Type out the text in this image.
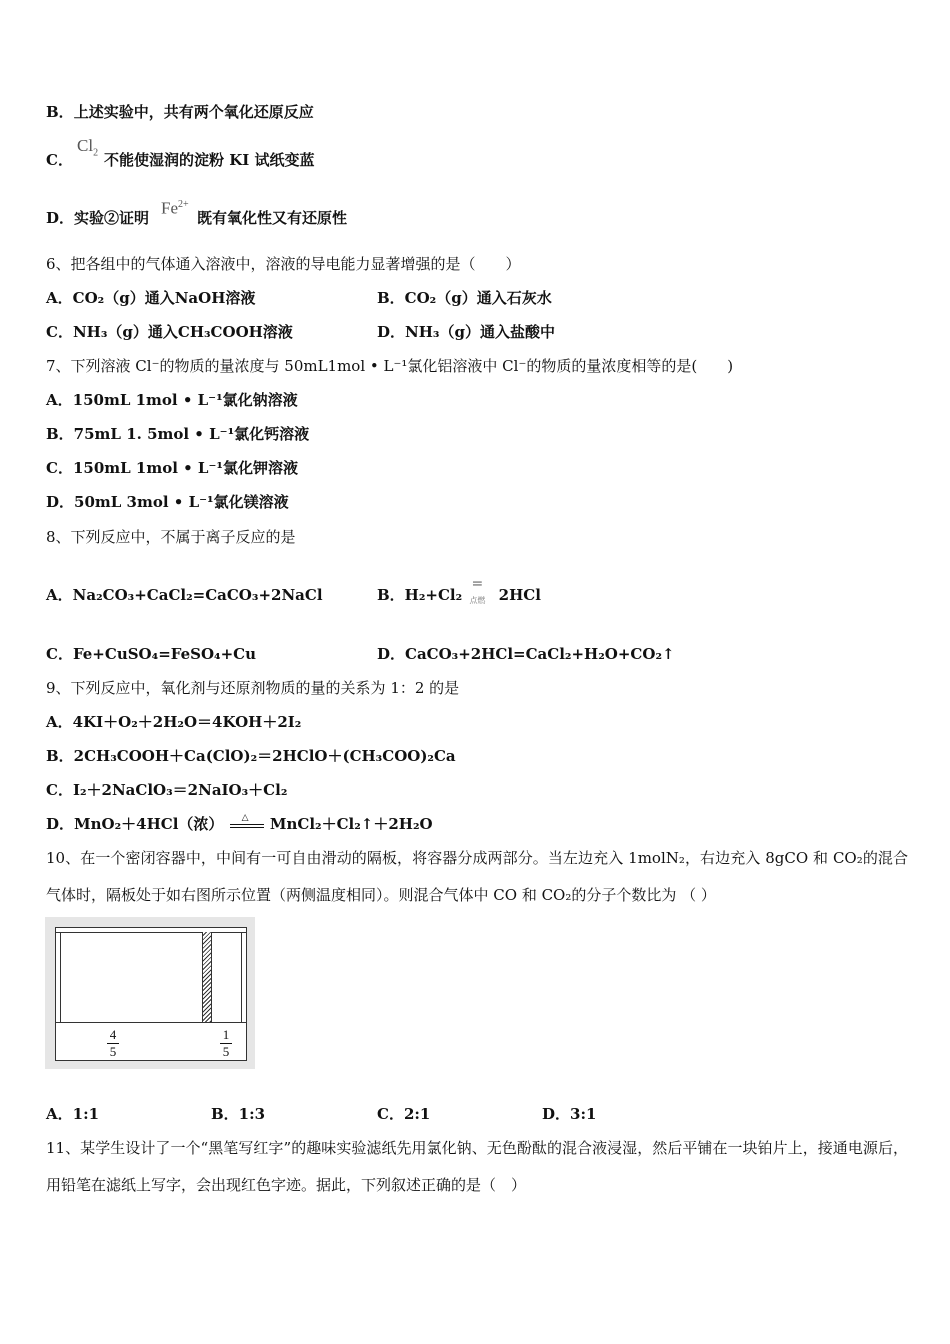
B．上述实验中，共有两个氧化还原反应
C．
$Cl_2$ 不能使湿润的淀粉 KI 试纸变蓝
D． 实验②证明
$Fe^{2+}$
既有氧化性又有还原性
6、把各组中的气体通入溶液中，溶液的导电能力显著增强的是（　　）
A．CO₂（g）通入NaOH溶液	B．CO₂（g）通入石灰水
C．NH₃（g）通入CH₃COOH溶液	D．NH₃（g）通入盐酸中
7、下列溶液 Cl⁻的物质的量浓度与 50mL1mol • L⁻¹氯化铝溶液中 Cl⁻的物质的量浓度相等的是(　　)
A．150mL 1mol • L⁻¹氯化钠溶液
B．75mL 1. 5mol • L⁻¹氯化钙溶液
C．150mL 1mol • L⁻¹氯化钾溶液
D．50mL 3mol • L⁻¹氯化镁溶液
8、下列反应中，不属于离子反应的是
A．Na₂CO₃+CaCl₂=CaCO₃+2NaCl	B．H₂+Cl₂
=
点燃 2HCl
C．Fe+CuSO₄=FeSO₄+Cu	D．CaCO₃+2HCl=CaCl₂+H₂O+CO₂↑
9、下列反应中，氧化剂与还原剂物质的量的关系为 1：2 的是
A．4KI＋O₂＋2H₂O＝4KOH＋2I₂
B．2CH₃COOH＋Ca(ClO)₂＝2HClO＋(CH₃COO)₂Ca
C．I₂＋2NaClO₃＝2NaIO₃＋Cl₂
D．MnO₂＋4HCl（浓） △ MnCl₂＋Cl₂↑＋2H₂O
10、在一个密闭容器中，中间有一可自由滑动的隔板，将容器分成两部分。当左边充入 1molN₂，右边充入 8gCO 和 CO₂的混合气体时，隔板处于如右图所示位置（两侧温度相同）。则混合气体中 CO 和 CO₂的分子个数比为 （ ）
4
5
1
5
A．1:1	B．1:3	C．2:1	D．3:1
11、某学生设计了一个“黑笔写红字”的趣味实验滤纸先用氯化钠、无色酚酞的混合液浸湿，然后平铺在一块铂片上，接通电源后，用铅笔在滤纸上写字，会出现红色字迹。据此，下列叙述正确的是（　）
